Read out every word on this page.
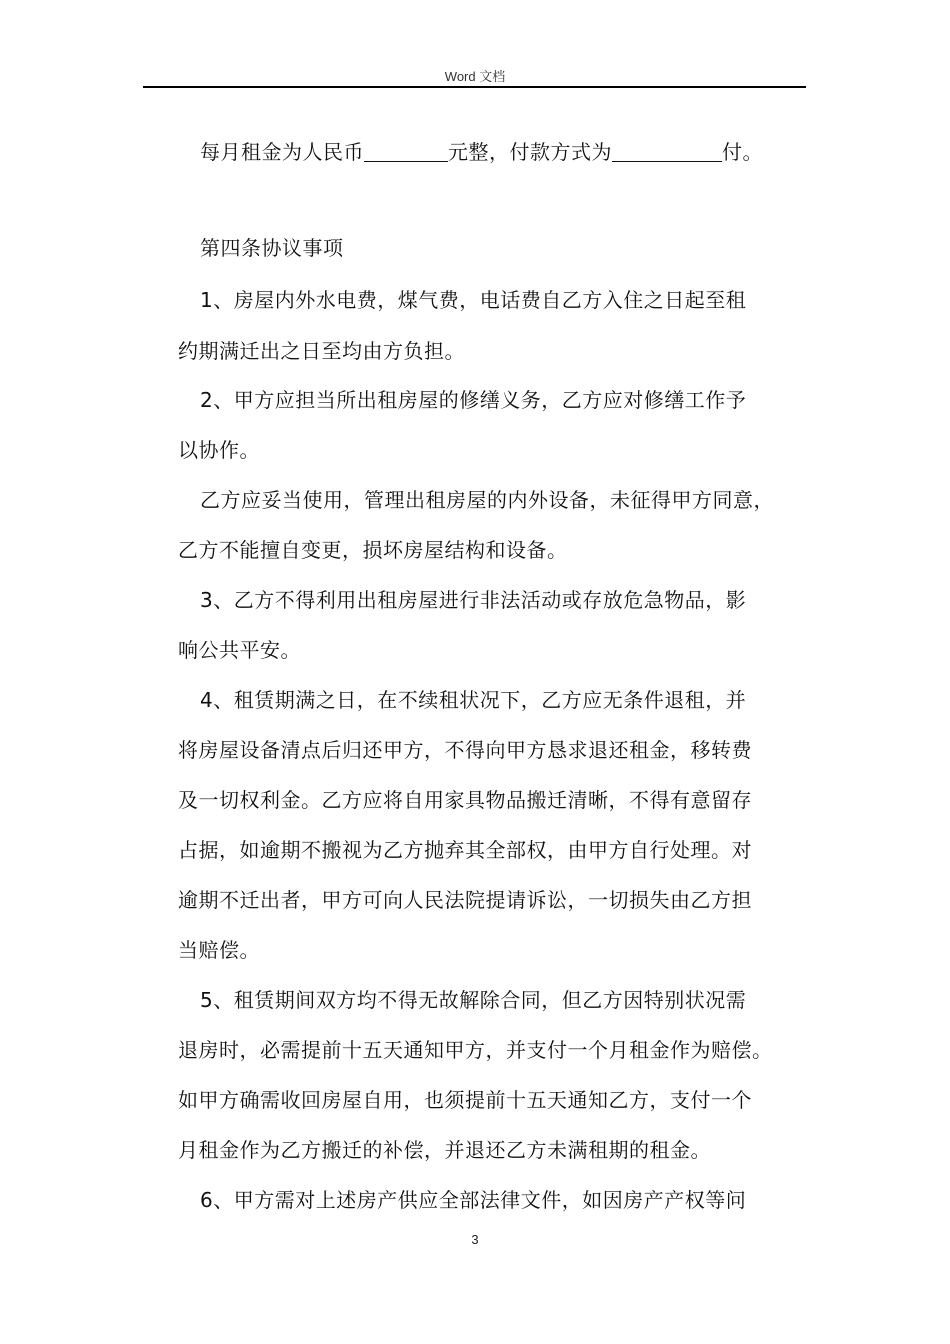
Word 文档
每月租金为人民币	元整，付款方式为	付。
第四条协议事项
1、房屋内外水电费，煤气费，电话费自乙方入住之日起至租
约期满迁出之日至均由方负担。
2、甲方应担当所出租房屋的修缮义务，乙方应对修缮工作予
以协作。
乙方应妥当使用，管理出租房屋的内外设备，未征得甲方同意，
乙方不能擅自变更，损坏房屋结构和设备。
3、乙方不得利用出租房屋进行非法活动或存放危急物品，影
响公共平安。
4、租赁期满之日，在不续租状况下，乙方应无条件退租，并
将房屋设备清点后归还甲方，不得向甲方恳求退还租金，移转费
及一切权利金。乙方应将自用家具物品搬迁清晰，不得有意留存
占据，如逾期不搬视为乙方抛弃其全部权，由甲方自行处理。对
逾期不迁出者，甲方可向人民法院提请诉讼，一切损失由乙方担
当赔偿。
5、租赁期间双方均不得无故解除合同，但乙方因特别状况需
退房时，必需提前十五天通知甲方，并支付一个月租金作为赔偿。
如甲方确需收回房屋自用，也须提前十五天通知乙方，支付一个
月租金作为乙方搬迁的补偿，并退还乙方未满租期的租金。
6、甲方需对上述房产供应全部法律文件，如因房产产权等问
3
